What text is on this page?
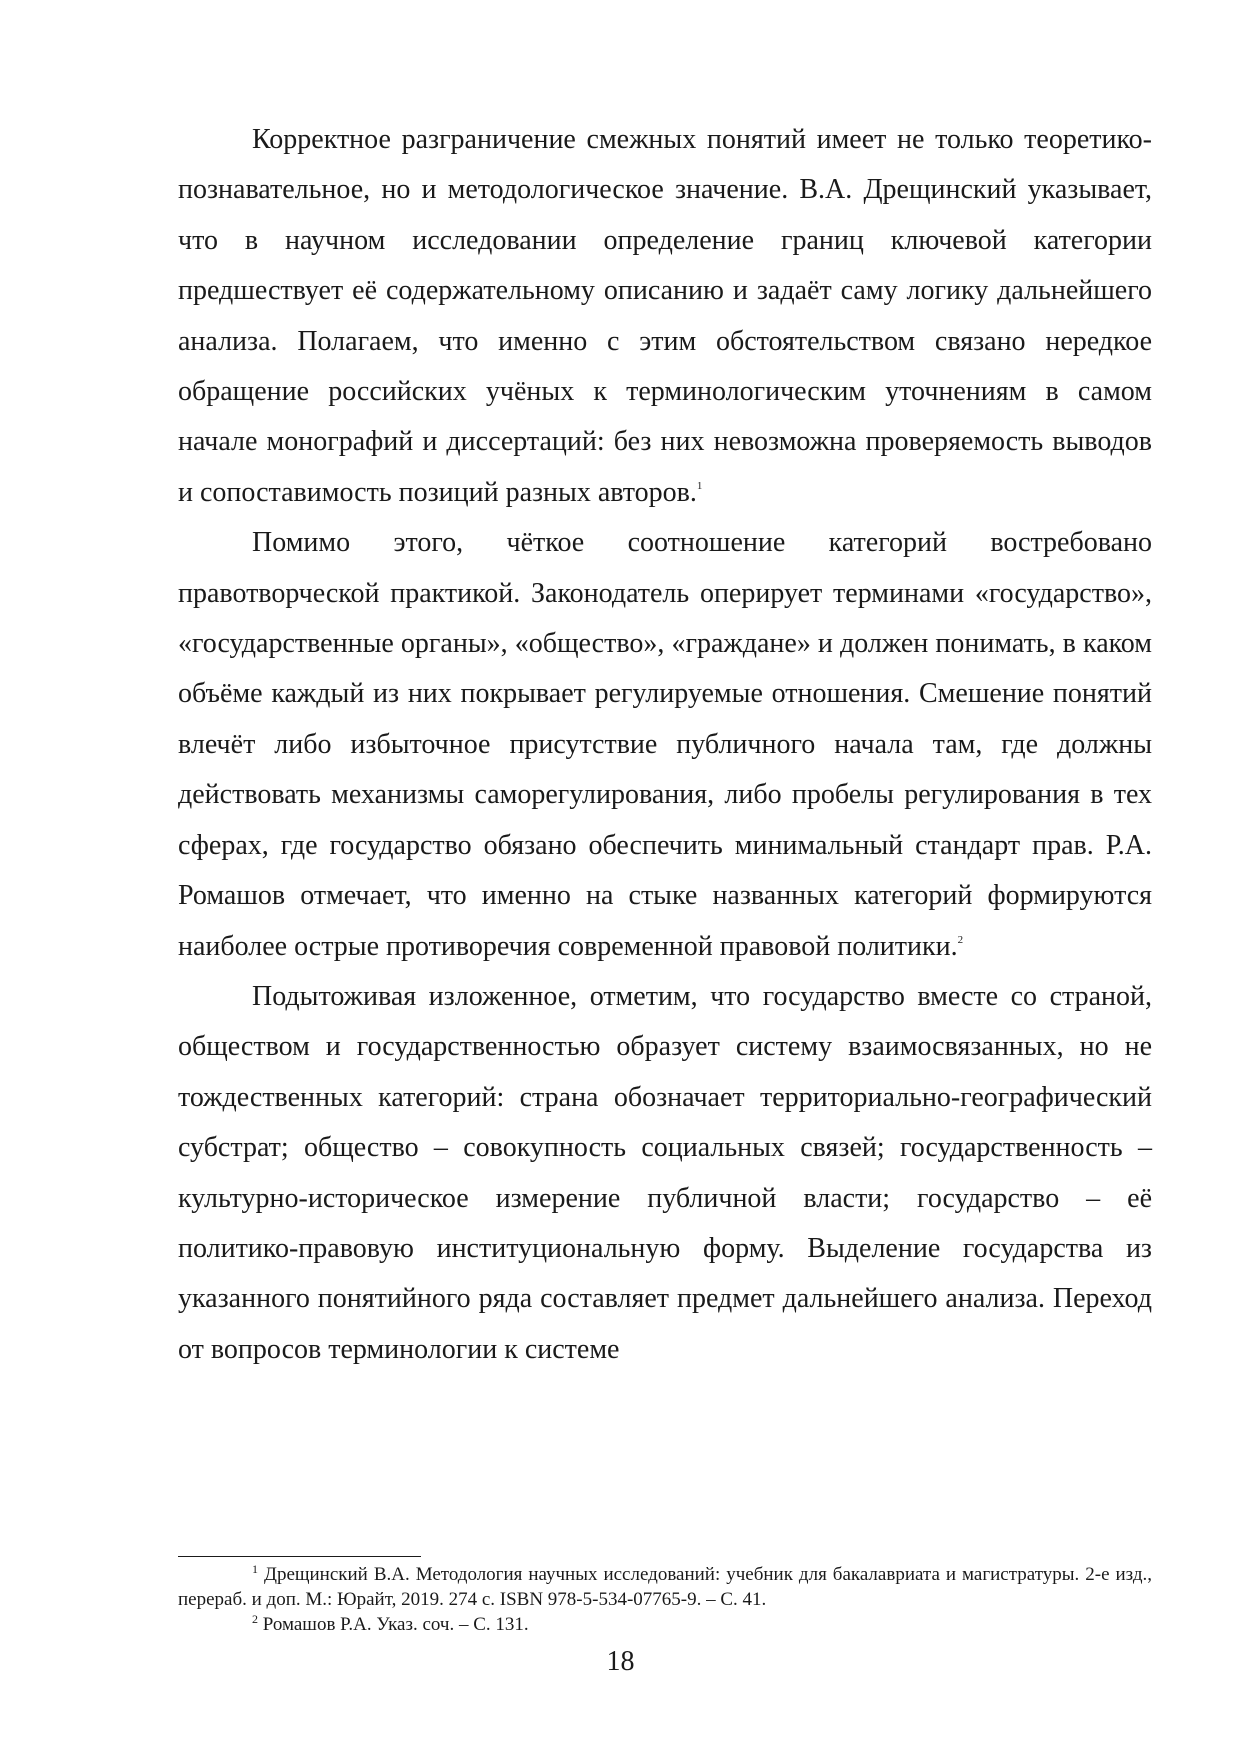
Корректное разграничение смежных понятий имеет не только теоретико-познавательное, но и методологическое значение. В.А. Дрещинский указывает, что в научном исследовании определение границ ключевой категории предшествует её содержательному описанию и задаёт саму логику дальнейшего анализа. Полагаем, что именно с этим обстоятельством связано нередкое обращение российских учёных к терминологическим уточнениям в самом начале монографий и диссертаций: без них невозможна проверяемость выводов и сопоставимость позиций разных авторов.$^1$

Помимо этого, чёткое соотношение категорий востребовано правотворческой практикой. Законодатель оперирует терминами «государство», «государственные органы», «общество», «граждане» и должен понимать, в каком объёме каждый из них покрывает регулируемые отношения. Смешение понятий влечёт либо избыточное присутствие публичного начала там, где должны действовать механизмы саморегулирования, либо пробелы регулирования в тех сферах, где государство обязано обеспечить минимальный стандарт прав. Р.А. Ромашов отмечает, что именно на стыке названных категорий формируются наиболее острые противоречия современной правовой политики.$^2$

Подытоживая изложенное, отметим, что государство вместе со страной, обществом и государственностью образует систему взаимосвязанных, но не тождественных категорий: страна обозначает территориально-географический субстрат; общество – совокупность социальных связей; государственность – культурно-историческое измерение публичной власти; государство – её политико-правовую институциональную форму. Выделение государства из указанного понятийного ряда составляет предмет дальнейшего анализа. Переход от вопросов терминологии к системе

$^1$ Дрещинский В.А. Методология научных исследований: учебник для бакалавриата и магистратуры. 2-е изд., перераб. и доп. М.: Юрайт, 2019. 274 с. ISBN 978-5-534-07765-9. – С. 41.

$^2$ Ромашов Р.А. Указ. соч. – С. 131.

18
